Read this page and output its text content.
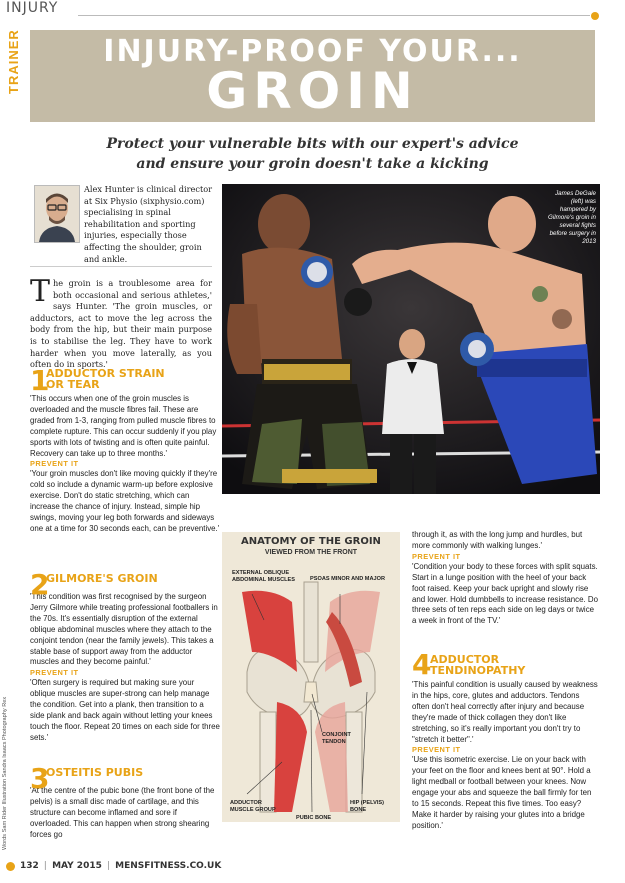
INJURY
TRAINER	INJURY-PROOF YOUR...
GROIN
Protect your vulnerable bits with our expert's advice
and ensure your groin doesn't take a kicking
Alex Hunter is clinical director at Six Physio (sixphysio.com) specialising in spinal rehabilitation and sporting injuries, especially those affecting the shoulder, groin and ankle.
James DeGale (left) was hampered by Gilmore's groin in several fights before surgery in 2013
T he groin is a troublesome area for both occasional and serious athletes,' says Hunter. 'The groin muscles, or adductors, act to move the leg across the body from the hip, but their main purpose is to stabilise the leg. They have to work harder when you move laterally, as you often do in sports.'
1
ADDUCTOR STRAIN
OR TEAR
'This occurs when one of the groin muscles is overloaded and the muscle fibres fail. These are graded from 1-3, ranging from pulled muscle fibres to complete rupture. This can occur suddenly if you play sports with lots of twisting and is often quite painful. Recovery can take up to three months.'
PREVENT IT
'Your groin muscles don't like moving quickly if they're cold so include a dynamic warm-up before explosive exercise. Don't do static stretching, which can increase the chance of injury. Instead, simple hip swings, moving your leg both forwards and sideways one at a time for 30 seconds each, can be preventive.'
2
GILMORE'S GROIN
'This condition was first recognised by the surgeon Jerry Gilmore while treating professional footballers in the 70s. It's essentially disruption of the external oblique abdominal muscles where they attach to the conjoint tendon (near the family jewels). This takes a stable base of support away from the adductor muscles and they become painful.'
PREVENT IT
'Often surgery is required but making sure your oblique muscles are super-strong can help manage the condition. Get into a plank, then transition to a side plank and back again without letting your knees touch the floor. Repeat 20 times on each side for three sets.'
3
OSTEITIS PUBIS
'At the centre of the pubic bone (the front bone of the pelvis) is a small disc made of cartilage, and this structure can become inflamed and sore if overloaded. This can happen when strong shearing forces go
ANATOMY OF THE GROIN
VIEWED FROM THE FRONT
EXTERNAL OBLIQUE ABDOMINAL MUSCLES	PSOAS MINOR AND MAJOR
CONJOINT TENDON
ADDUCTOR MUSCLE GROUP
PUBIC BONE
HIP (PELVIS) BONE
through it, as with the long jump and hurdles, but more commonly with walking lunges.'
PREVENT IT
'Condition your body to these forces with split squats. Start in a lunge position with the heel of your back foot raised. Keep your back upright and slowly rise and lower. Hold dumbbells to increase resistance. Do three sets of ten reps each side on leg days or twice a week in front of the TV.'
4
ADDUCTOR
TENDINOPATHY
'This painful condition is usually caused by weakness in the hips, core, glutes and adductors. Tendons often don't heal correctly after injury and because they're made of thick collagen they don't like stretching, so it's really important you don't try to "stretch it better".'
PREVENT IT
'Use this isometric exercise. Lie on your back with your feet on the floor and knees bent at 90°. Hold a light medball or football between your knees. Now engage your abs and squeeze the ball firmly for ten to 15 seconds. Repeat this five times. Too easy? Make it harder by raising your glutes into a bridge position.'
Words Sam Rider Illustration Sandra Isaacs Photography Rex
132 | MAY 2015 | MENSFITNESS.CO.UK
